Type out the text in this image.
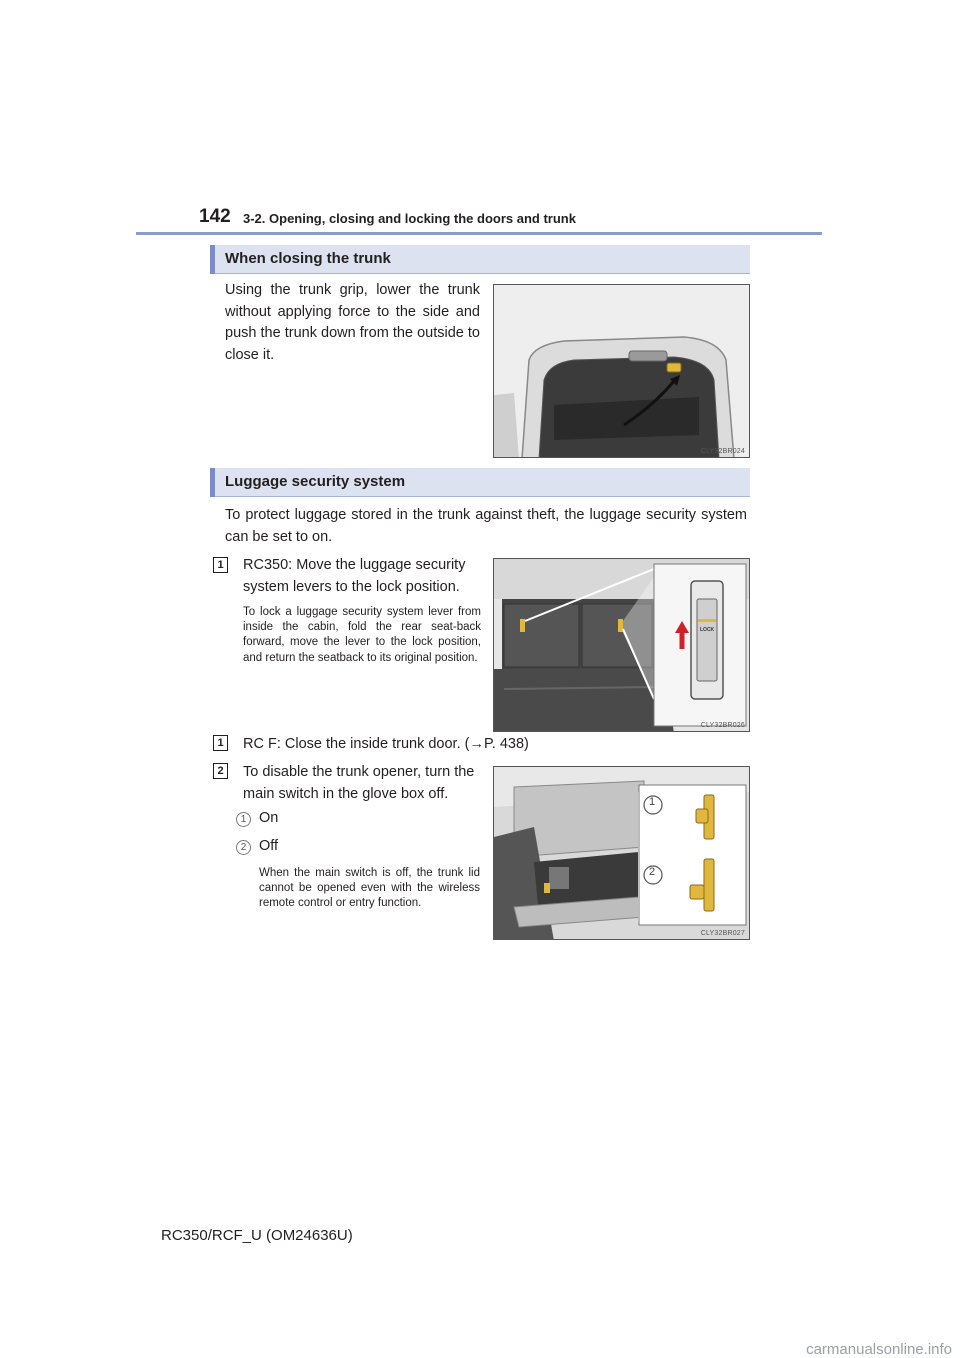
142 3-2. Opening, closing and locking the doors and trunk
When closing the trunk
Using the trunk grip, lower the trunk without applying force to the side and push the trunk down from the outside to close it.
CLY32BR024
Luggage security system
To protect luggage stored in the trunk against theft, the luggage security system can be set to on.
1	RC350: Move the luggage security system levers to the lock position.
To lock a luggage security system lever from inside the cabin, fold the rear seat-back forward, move the lever to the lock position, and return the seatback to its original position.
LOCK
CLY32BR026
1	RC F: Close the inside trunk door. (→P. 438)
2	To disable the trunk opener, turn the main switch in the glove box off.
1 On
2 Off
When the main switch is off, the trunk lid cannot be opened even with the wireless remote control or entry function.
1
2
CLY32BR027
RC350/RCF_U (OM24636U)
carmanualsonline.info
